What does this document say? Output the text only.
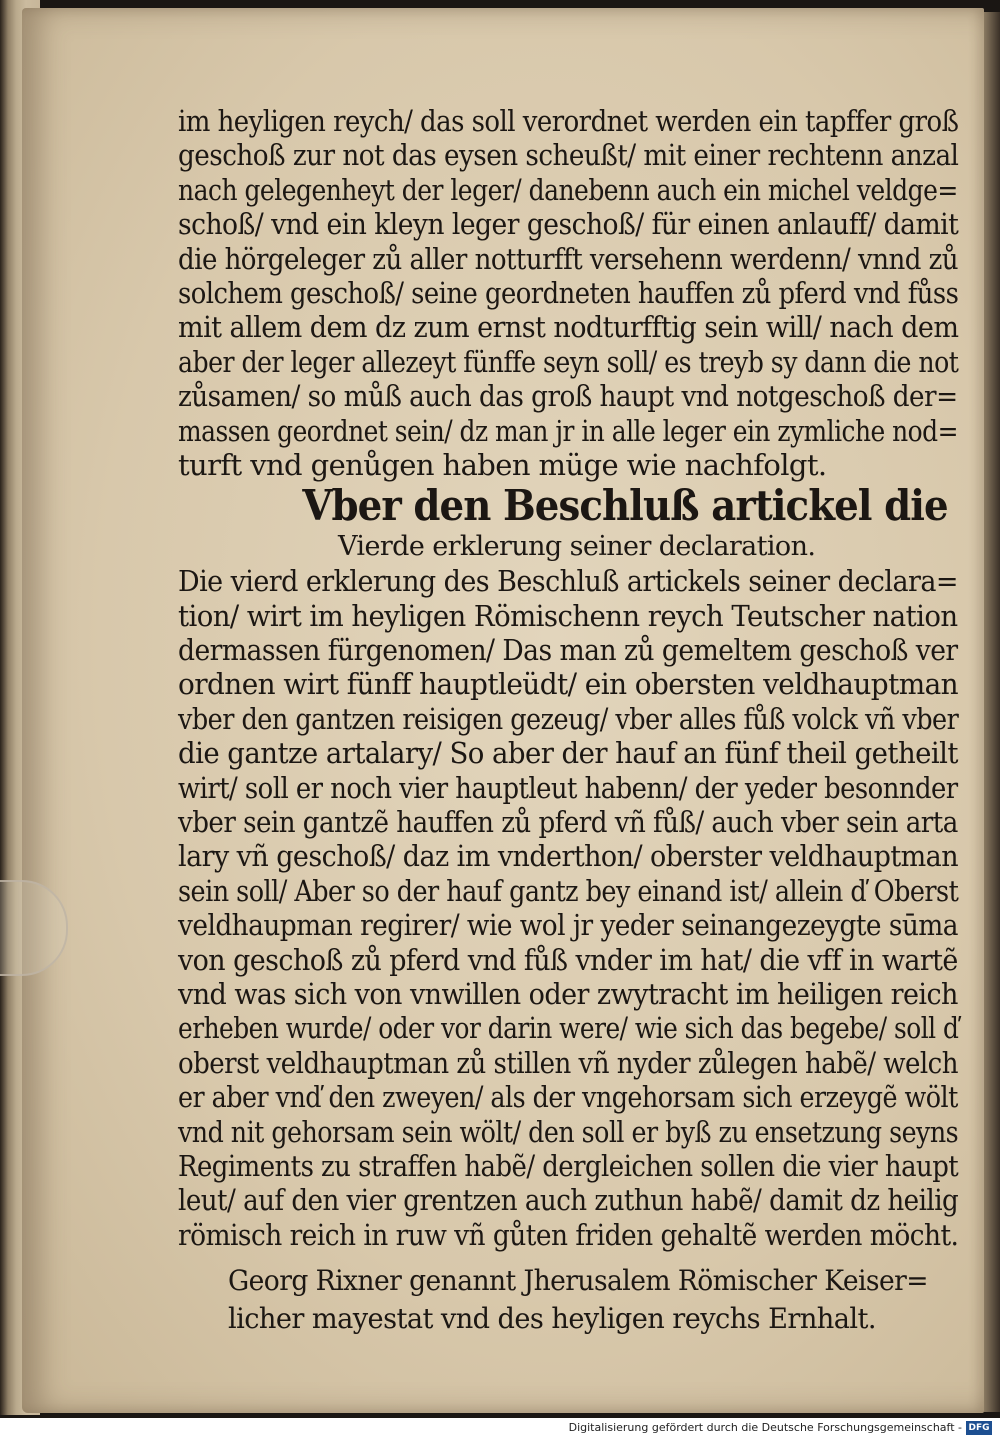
im heyligen reych/ das soll verordnet werden ein tapffer groß
geschoß zur not das eysen scheußt/ mit einer rechtenn anzal
nach gelegenheyt der leger/ danebenn auch ein michel veldge=
schoß/ vnd ein kleyn leger geschoß/ für einen anlauff/ damit
die hörgeleger zů aller notturfft versehenn werdenn/ vnnd zů
solchem geschoß/ seine geordneten hauffen zů pferd vnd fůss
mit allem dem dz zum ernst nodturfftig sein will/ nach dem
aber der leger allezeyt fünffe seyn soll/ es treyb sy dann die not
zůsamen/ so můß auch das groß haupt vnd notgeschoß der=
massen geordnet sein/ dz man jr in alle leger ein zymliche nod=
turft vnd genůgen haben müge wie nachfolgt.
Vber den Beschluß artickel die
Vierde erklerung seiner declaration.
Die vierd erklerung des Beschluß artickels seiner declara=
tion/ wirt im heyligen Römischenn reych Teutscher nation
dermassen fürgenomen/ Das man zů gemeltem geschoß ver
ordnen wirt fünff hauptleüdt/ ein obersten veldhauptman
vber den gantzen reisigen gezeug/ vber alles fůß volck vñ vber
die gantze artalary/ So aber der hauf an fünf theil getheilt
wirt/ soll er noch vier hauptleut habenn/ der yeder besonnder
vber sein gantzẽ hauffen zů pferd vñ fůß/ auch vber sein arta
lary vñ geschoß/ daz im vnderthon/ oberster veldhauptman
sein soll/ Aber so der hauf gantz bey einand ist/ allein ď Oberst
veldhaupman regirer/ wie wol jr yeder seinangezeygte sūma
von geschoß zů pferd vnd fůß vnder im hat/ die vff in wartẽ
vnd was sich von vnwillen oder zwytracht im heiligen reich
erheben wurde/ oder vor darin were/ wie sich das begebe/ soll ď
oberst veldhauptman zů stillen vñ nyder zůlegen habẽ/ welch
er aber vnď den zweyen/ als der vngehorsam sich erzeygẽ wölt
vnd nit gehorsam sein wölt/ den soll er byß zu ensetzung seyns
Regiments zu straffen habẽ/ dergleichen sollen die vier haupt
leut/ auf den vier grentzen auch zuthun habẽ/ damit dz heilig
römisch reich in ruw vñ gůten friden gehaltẽ werden möcht.
Georg Rixner genannt Jherusalem Römischer Keiser=
licher mayestat vnd des heyligen reychs Ernhalt.
Digitalisierung gefördert durch die Deutsche Forschungsgemeinschaft - DFG
